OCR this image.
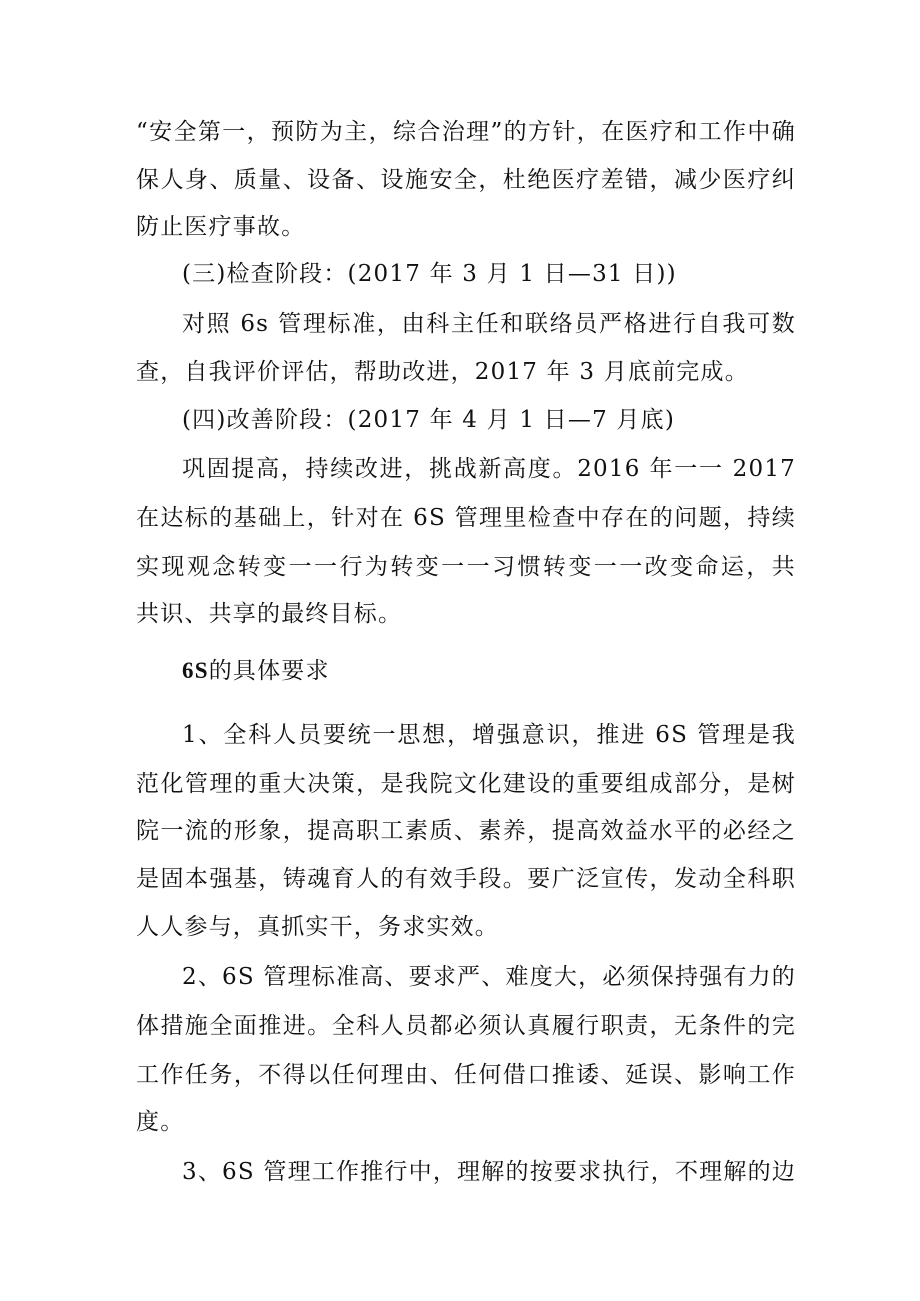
“安全第一，预防为主，综合治理”的方针，在医疗和工作中确
保人身、质量、设备、设施安全，杜绝医疗差错，减少医疗纠
防止医疗事故。
(三)检查阶段：(2017 年 3 月 1 日—31 日))
对照 6s 管理标准，由科主任和联络员严格进行自我可数
查，自我评价评估，帮助改进，2017 年 3 月底前完成。
(四)改善阶段：(2017 年 4 月 1 日—7 月底)
巩固提高，持续改进，挑战新高度。2016 年一一 2017
在达标的基础上，针对在 6S 管理里检查中存在的问题，持续
实现观念转变一一行为转变一一习惯转变一一改变命运，共
共识、共享的最终目标。
6S的具体要求
1、全科人员要统一思想，增强意识，推进 6S 管理是我
范化管理的重大决策，是我院文化建设的重要组成部分，是树
院一流的形象，提高职工素质、素养，提高效益水平的必经之
是固本强基，铸魂育人的有效手段。要广泛宣传，发动全科职
人人参与，真抓实干，务求实效。
2、6S 管理标准高、要求严、难度大，必须保持强有力的
体措施全面推进。全科人员都必须认真履行职责，无条件的完
工作任务，不得以任何理由、任何借口推诿、延误、影响工作
度。
3、6S 管理工作推行中，理解的按要求执行，不理解的边
